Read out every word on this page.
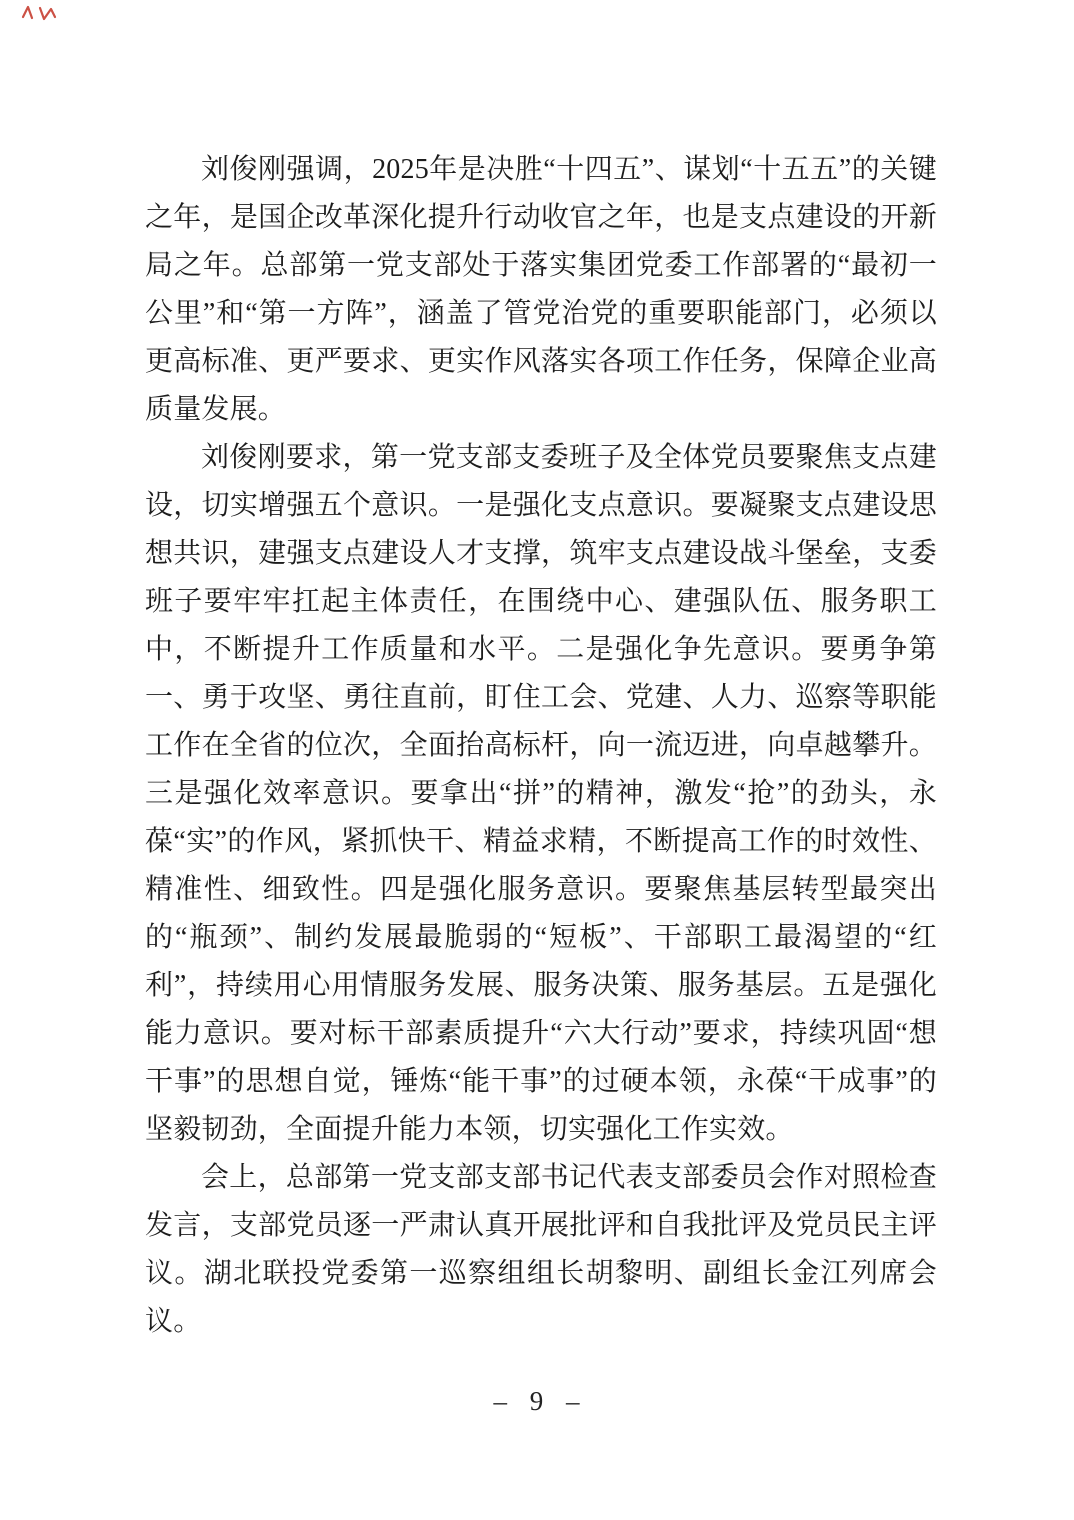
刘俊刚强调，2025年是决胜“十四五”、谋划“十五五”的关键之年，是国企改革深化提升行动收官之年，也是支点建设的开新局之年。总部第一党支部处于落实集团党委工作部署的“最初一公里”和“第一方阵”，涵盖了管党治党的重要职能部门，必须以更高标准、更严要求、更实作风落实各项工作任务，保障企业高质量发展。

刘俊刚要求，第一党支部支委班子及全体党员要聚焦支点建设，切实增强五个意识。一是强化支点意识。要凝聚支点建设思想共识，建强支点建设人才支撑，筑牢支点建设战斗堡垒，支委班子要牢牢扛起主体责任，在围绕中心、建强队伍、服务职工中，不断提升工作质量和水平。二是强化争先意识。要勇争第一、勇于攻坚、勇往直前，盯住工会、党建、人力、巡察等职能工作在全省的位次，全面抬高标杆，向一流迈进，向卓越攀升。三是强化效率意识。要拿出“拼”的精神，激发“抢”的劲头，永葆“实”的作风，紧抓快干、精益求精，不断提高工作的时效性、精准性、细致性。四是强化服务意识。要聚焦基层转型最突出的“瓶颈”、制约发展最脆弱的“短板”、干部职工最渴望的“红利”，持续用心用情服务发展、服务决策、服务基层。五是强化能力意识。要对标干部素质提升“六大行动”要求，持续巩固“想干事”的思想自觉，锤炼“能干事”的过硬本领，永葆“干成事”的坚毅韧劲，全面提升能力本领，切实强化工作实效。

会上，总部第一党支部支部书记代表支部委员会作对照检查发言，支部党员逐一严肃认真开展批评和自我批评及党员民主评议。湖北联投党委第一巡察组组长胡黎明、副组长金江列席会议。

– 9 –
